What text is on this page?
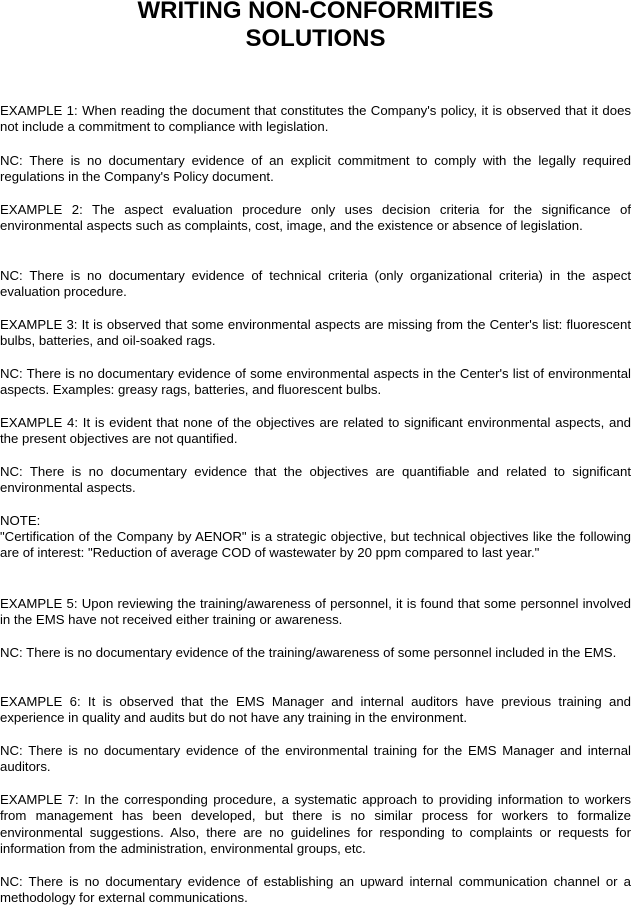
WRITING NON-CONFORMITIES
SOLUTIONS

EXAMPLE 1: When reading the document that constitutes the Company's policy, it is observed that it does not include a commitment to compliance with legislation.

NC: There is no documentary evidence of an explicit commitment to comply with the legally required regulations in the Company's Policy document.

EXAMPLE 2: The aspect evaluation procedure only uses decision criteria for the significance of environmental aspects such as complaints, cost, image, and the existence or absence of legislation.

NC: There is no documentary evidence of technical criteria (only organizational criteria) in the aspect evaluation procedure.

EXAMPLE 3: It is observed that some environmental aspects are missing from the Center's list: fluorescent bulbs, batteries, and oil-soaked rags.

NC: There is no documentary evidence of some environmental aspects in the Center's list of environmental aspects. Examples: greasy rags, batteries, and fluorescent bulbs.

EXAMPLE 4: It is evident that none of the objectives are related to significant environmental aspects, and the present objectives are not quantified.

NC: There is no documentary evidence that the objectives are quantifiable and related to significant environmental aspects.

NOTE:

"Certification of the Company by AENOR" is a strategic objective, but technical objectives like the following are of interest: "Reduction of average COD of wastewater by 20 ppm compared to last year."

EXAMPLE 5: Upon reviewing the training/awareness of personnel, it is found that some personnel involved in the EMS have not received either training or awareness.

NC: There is no documentary evidence of the training/awareness of some personnel included in the EMS.

EXAMPLE 6: It is observed that the EMS Manager and internal auditors have previous training and experience in quality and audits but do not have any training in the environment.

NC: There is no documentary evidence of the environmental training for the EMS Manager and internal auditors.

EXAMPLE 7: In the corresponding procedure, a systematic approach to providing information to workers from management has been developed, but there is no similar process for workers to formalize environmental suggestions. Also, there are no guidelines for responding to complaints or requests for information from the administration, environmental groups, etc.

NC: There is no documentary evidence of establishing an upward internal communication channel or a methodology for external communications.
